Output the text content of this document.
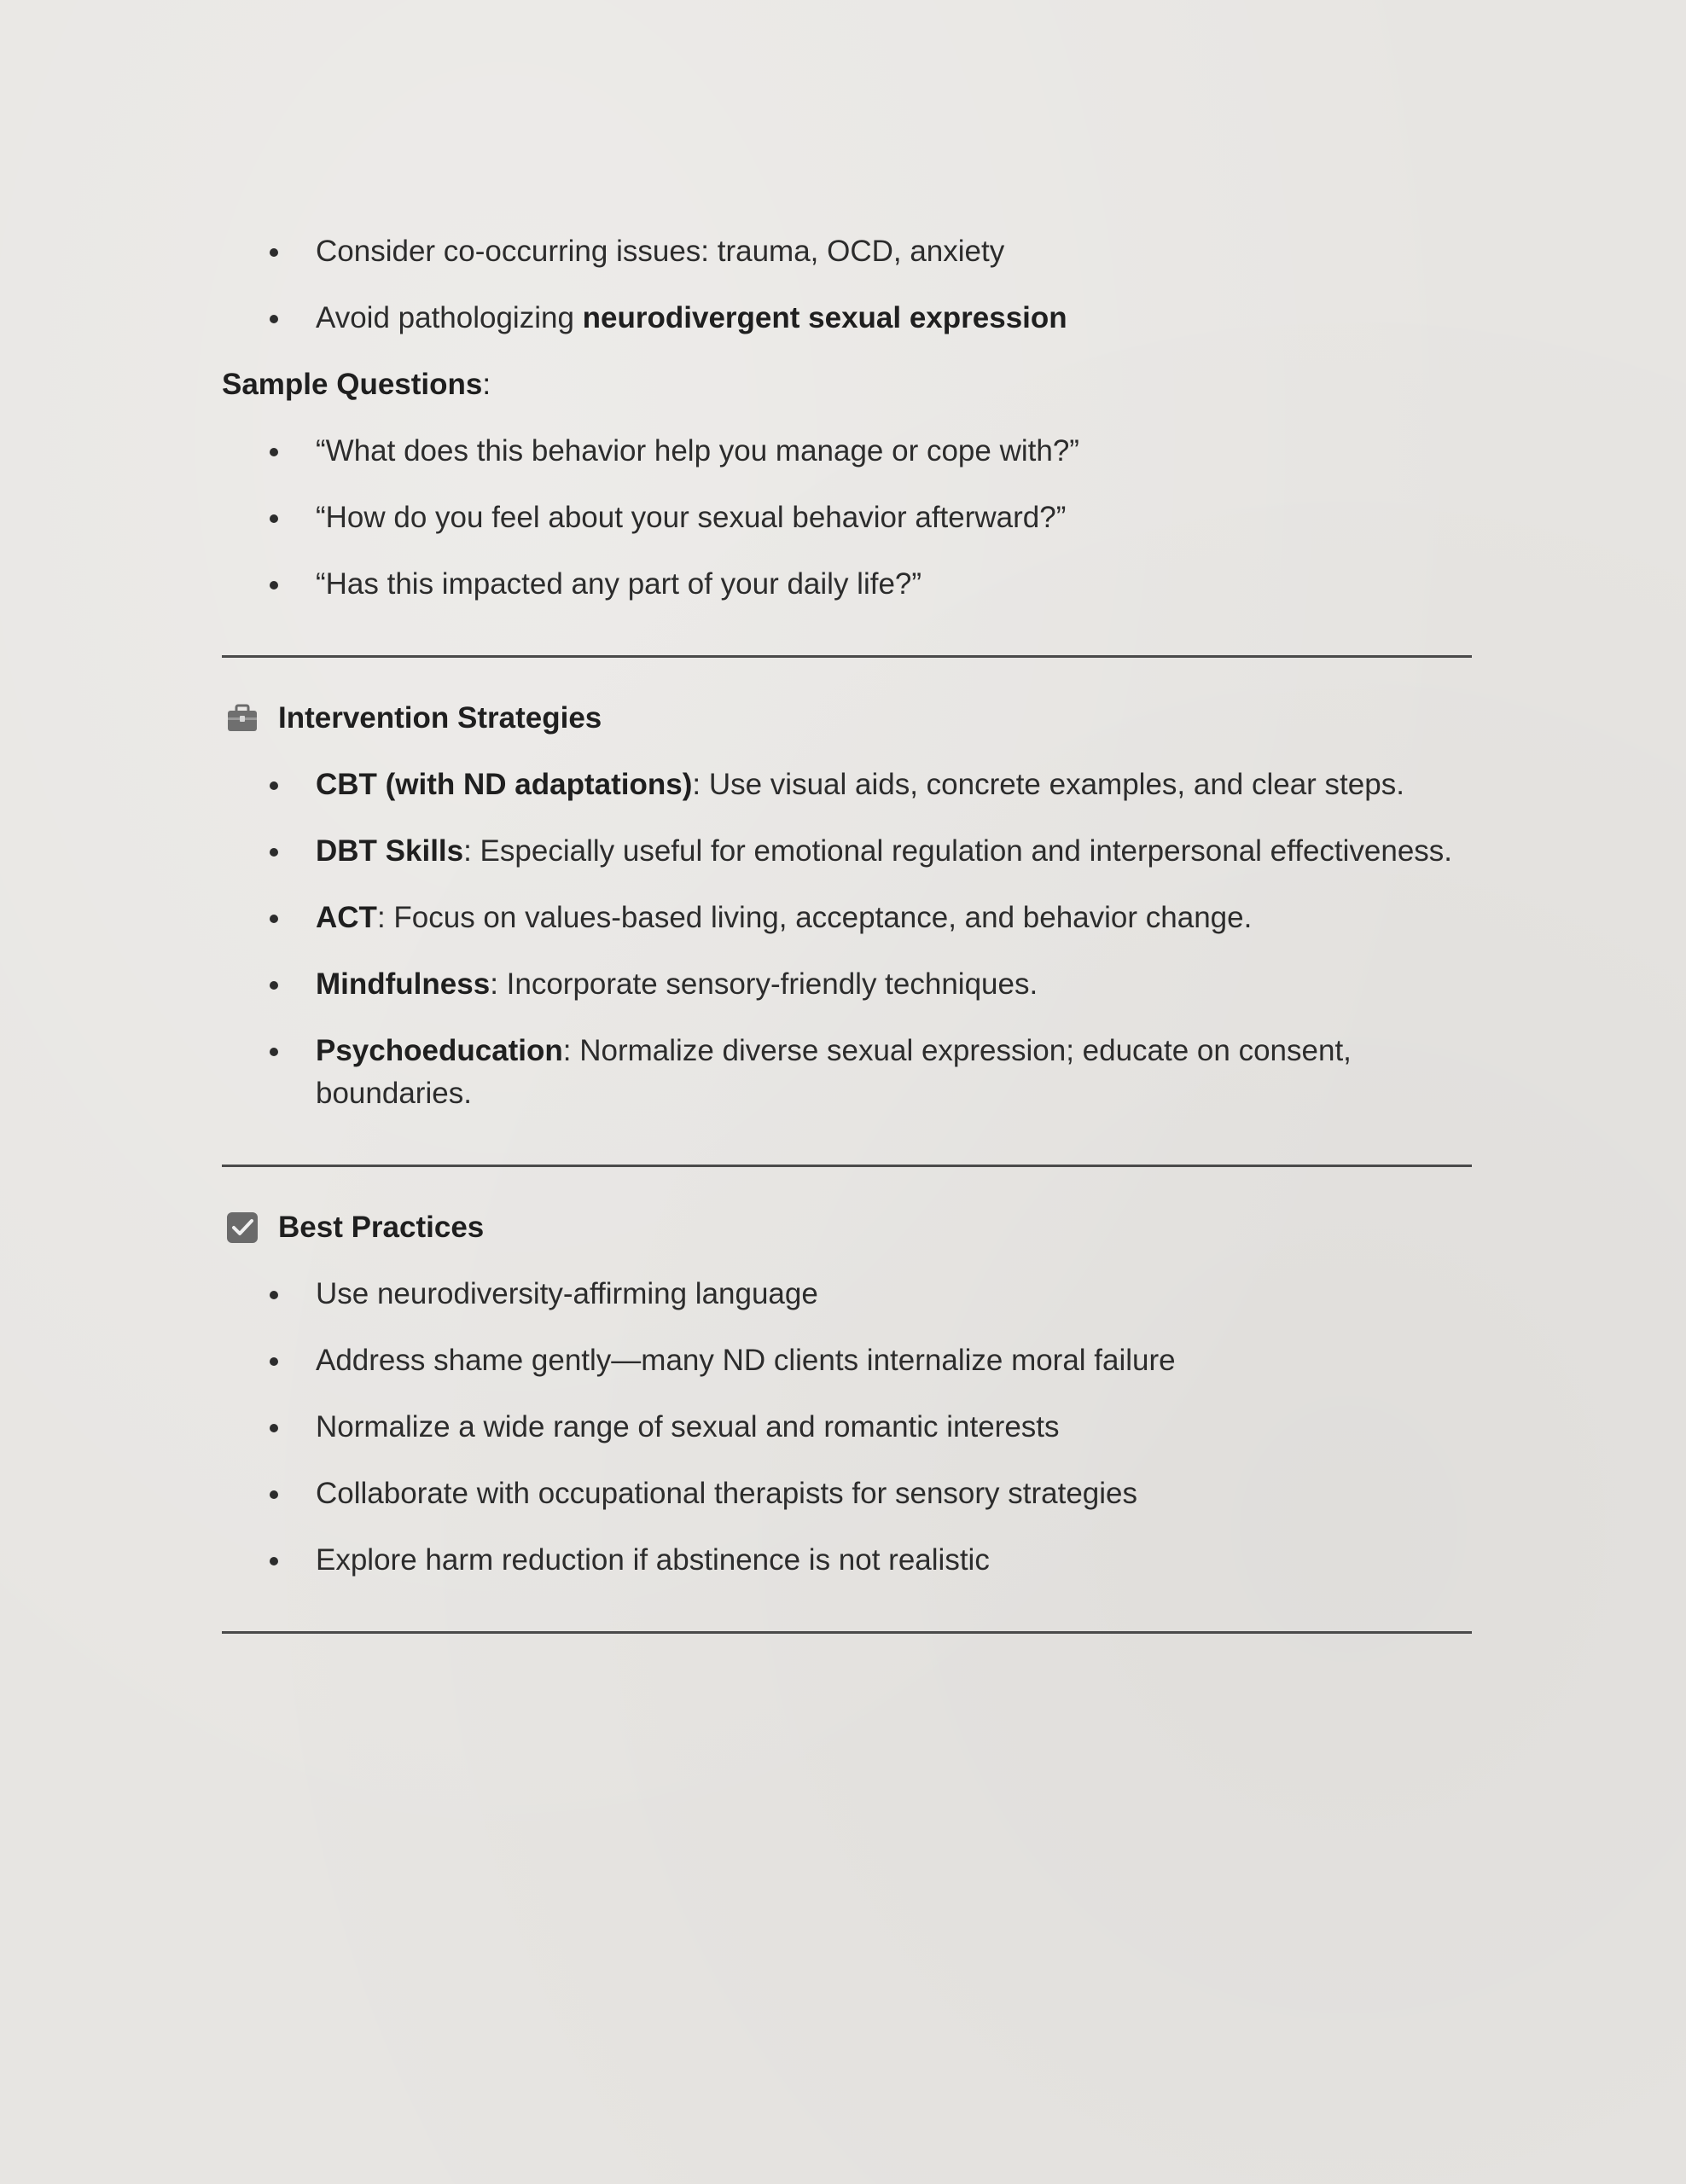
Consider co-occurring issues: trauma, OCD, anxiety
Avoid pathologizing neurodivergent sexual expression
Sample Questions:
“What does this behavior help you manage or cope with?”
“How do you feel about your sexual behavior afterward?”
“Has this impacted any part of your daily life?”
Intervention Strategies
CBT (with ND adaptations): Use visual aids, concrete examples, and clear steps.
DBT Skills: Especially useful for emotional regulation and interpersonal effectiveness.
ACT: Focus on values-based living, acceptance, and behavior change.
Mindfulness: Incorporate sensory-friendly techniques.
Psychoeducation: Normalize diverse sexual expression; educate on consent, boundaries.
Best Practices
Use neurodiversity-affirming language
Address shame gently—many ND clients internalize moral failure
Normalize a wide range of sexual and romantic interests
Collaborate with occupational therapists for sensory strategies
Explore harm reduction if abstinence is not realistic
